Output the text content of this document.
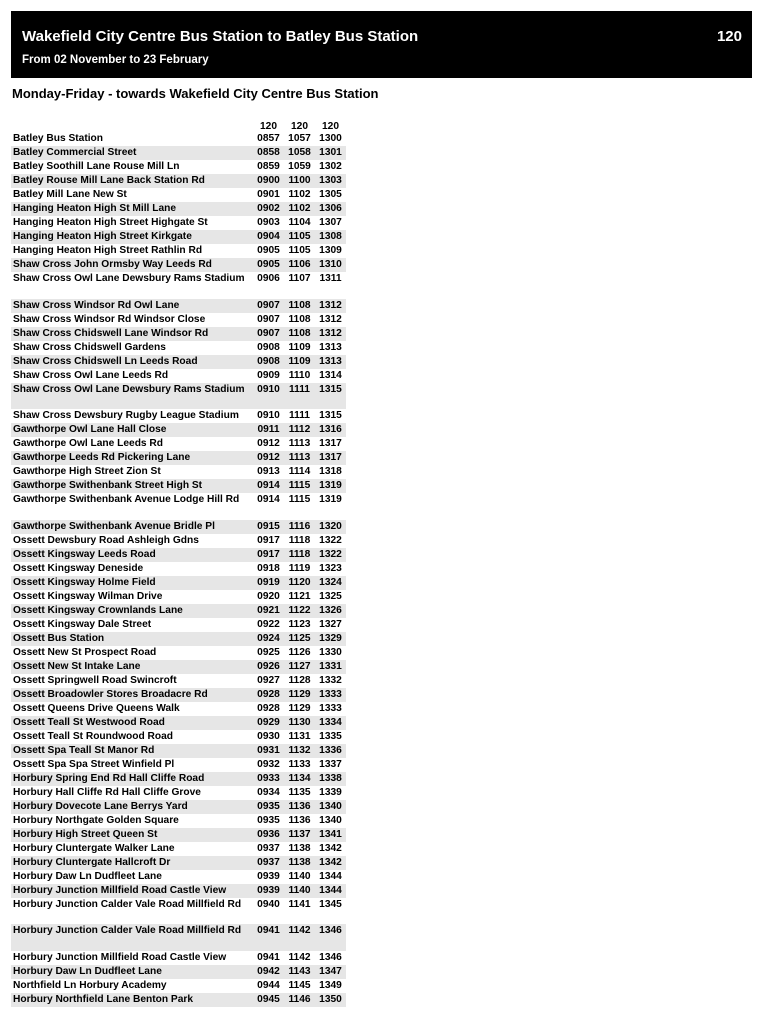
Wakefield City Centre Bus Station to Batley Bus Station
From 02 November to 23 February
120
Monday-Friday - towards Wakefield City Centre Bus Station
	120	120	120
Batley Bus Station	0857	1057	1300
Batley Commercial Street	0858	1058	1301
Batley Soothill Lane Rouse Mill Ln	0859	1059	1302
Batley Rouse Mill Lane Back Station Rd	0900	1100	1303
Batley Mill Lane New St	0901	1102	1305
Hanging Heaton High St Mill Lane	0902	1102	1306
Hanging Heaton High Street Highgate St	0903	1104	1307
Hanging Heaton High Street Kirkgate	0904	1105	1308
Hanging Heaton High Street Rathlin Rd	0905	1105	1309
Shaw Cross John Ormsby Way Leeds Rd	0905	1106	1310
Shaw Cross Owl Lane Dewsbury Rams Stadium	0906	1107	1311
Shaw Cross Windsor Rd Owl Lane	0907	1108	1312
Shaw Cross Windsor Rd Windsor Close	0907	1108	1312
Shaw Cross Chidswell Lane Windsor Rd	0907	1108	1312
Shaw Cross Chidswell Gardens	0908	1109	1313
Shaw Cross Chidswell Ln Leeds Road	0908	1109	1313
Shaw Cross Owl Lane Leeds Rd	0909	1110	1314
Shaw Cross Owl Lane Dewsbury Rams Stadium	0910	1111	1315
Shaw Cross Dewsbury Rugby League Stadium	0910	1111	1315
Gawthorpe Owl Lane Hall Close	0911	1112	1316
Gawthorpe Owl Lane Leeds Rd	0912	1113	1317
Gawthorpe Leeds Rd Pickering Lane	0912	1113	1317
Gawthorpe High Street Zion St	0913	1114	1318
Gawthorpe Swithenbank Street High St	0914	1115	1319
Gawthorpe Swithenbank Avenue Lodge Hill Rd	0914	1115	1319
Gawthorpe Swithenbank Avenue Bridle Pl	0915	1116	1320
Ossett Dewsbury Road Ashleigh Gdns	0917	1118	1322
Ossett Kingsway Leeds Road	0917	1118	1322
Ossett Kingsway Deneside	0918	1119	1323
Ossett Kingsway Holme Field	0919	1120	1324
Ossett Kingsway Wilman Drive	0920	1121	1325
Ossett Kingsway Crownlands Lane	0921	1122	1326
Ossett Kingsway Dale Street	0922	1123	1327
Ossett Bus Station	0924	1125	1329
Ossett New St Prospect Road	0925	1126	1330
Ossett New St Intake Lane	0926	1127	1331
Ossett Springwell Road Swincroft	0927	1128	1332
Ossett Broadowler Stores Broadacre Rd	0928	1129	1333
Ossett Queens Drive Queens Walk	0928	1129	1333
Ossett Teall St Westwood Road	0929	1130	1334
Ossett Teall St Roundwood Road	0930	1131	1335
Ossett Spa Teall St Manor Rd	0931	1132	1336
Ossett Spa Spa Street Winfield Pl	0932	1133	1337
Horbury Spring End Rd Hall Cliffe Road	0933	1134	1338
Horbury Hall Cliffe Rd Hall Cliffe Grove	0934	1135	1339
Horbury Dovecote Lane Berrys Yard	0935	1136	1340
Horbury Northgate Golden Square	0935	1136	1340
Horbury High Street Queen St	0936	1137	1341
Horbury Cluntergate Walker Lane	0937	1138	1342
Horbury Cluntergate Hallcroft Dr	0937	1138	1342
Horbury Daw Ln Dudfleet Lane	0939	1140	1344
Horbury Junction Millfield Road Castle View	0939	1140	1344
Horbury Junction Calder Vale Road Millfield Rd	0940	1141	1345
Horbury Junction Calder Vale Road Millfield Rd	0941	1142	1346
Horbury Junction Millfield Road Castle View	0941	1142	1346
Horbury Daw Ln Dudfleet Lane	0942	1143	1347
Northfield Ln Horbury Academy	0944	1145	1349
Horbury Northfield Lane Benton Park	0945	1146	1350
